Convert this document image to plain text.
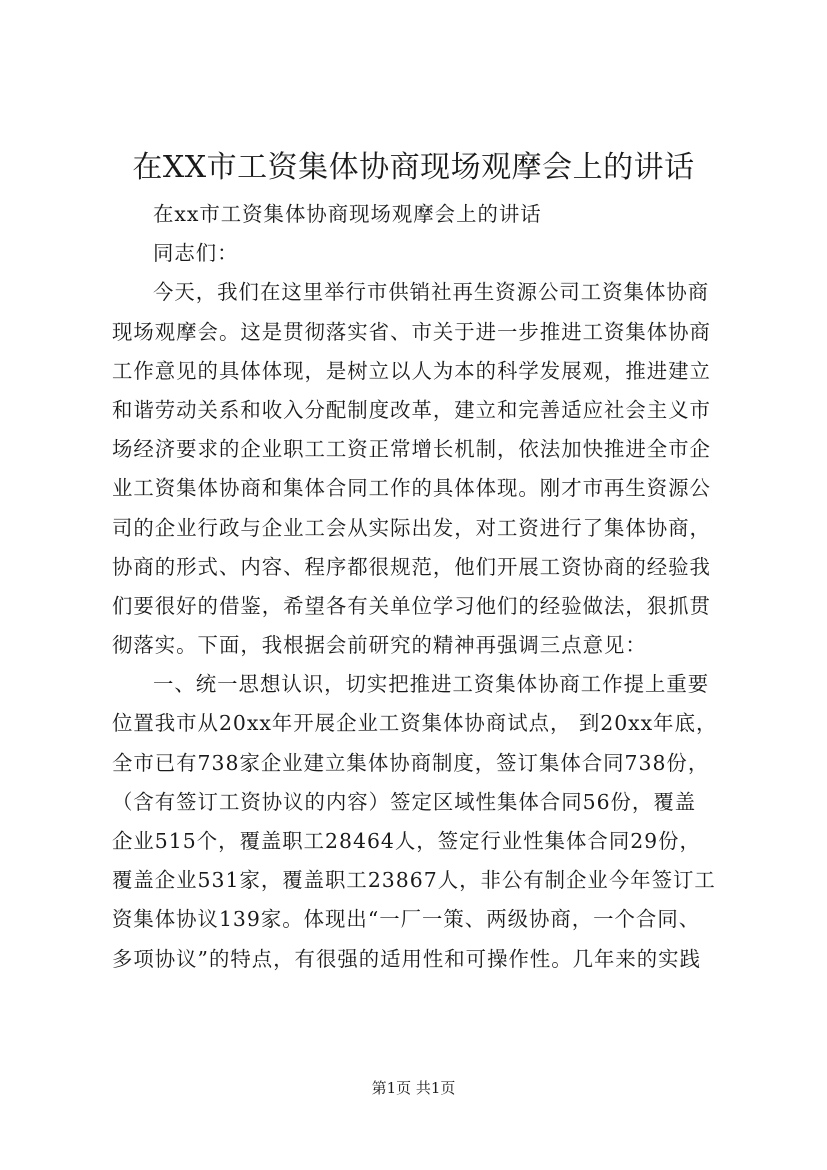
在XX市工资集体协商现场观摩会上的讲话
在xx市工资集体协商现场观摩会上的讲话
同志们：
今天，我们在这里举行市供销社再生资源公司工资集体协商
现场观摩会。这是贯彻落实省、市关于进一步推进工资集体协商
工作意见的具体体现，是树立以人为本的科学发展观，推进建立
和谐劳动关系和收入分配制度改革，建立和完善适应社会主义市
场经济要求的企业职工工资正常增长机制，依法加快推进全市企
业工资集体协商和集体合同工作的具体体现。刚才市再生资源公
司的企业行政与企业工会从实际出发，对工资进行了集体协商，
协商的形式、内容、程序都很规范，他们开展工资协商的经验我
们要很好的借鉴，希望各有关单位学习他们的经验做法，狠抓贯
彻落实。下面，我根据会前研究的精神再强调三点意见：
一、统一思想认识，切实把推进工资集体协商工作提上重要
位置我市从20xx年开展企业工资集体协商试点， 到20xx年底，
全市已有738家企业建立集体协商制度，签订集体合同738份，
（含有签订工资协议的内容）签定区域性集体合同56份，覆盖
企业515个，覆盖职工28464人，签定行业性集体合同29份，
覆盖企业531家，覆盖职工23867人，非公有制企业今年签订工
资集体协议139家。体现出“一厂一策、两级协商，一个合同、
多项协议”的特点，有很强的适用性和可操作性。几年来的实践
第1页 共1页
